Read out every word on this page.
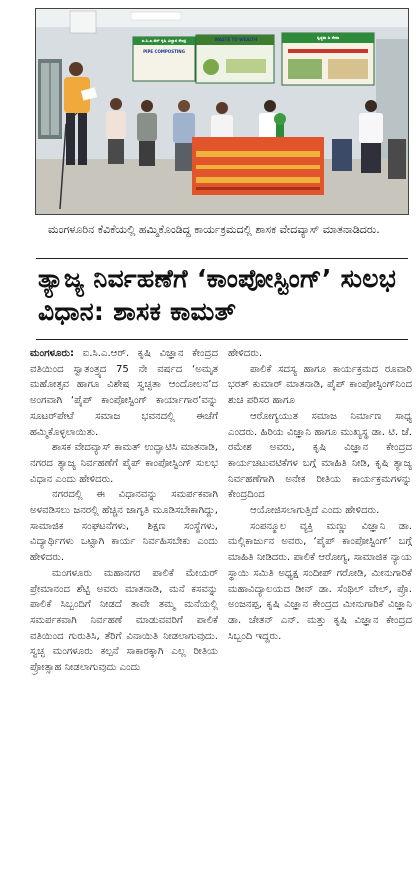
WASTE TO WEALTH
ಐ.ಸಿ.ಎ.ಆರ್ ಕೃಷಿ ವಿಜ್ಞಾನ ಕೇಂದ್ರ
PIPE COMPOSTING
ಸ್ವಚ್ಛತಾ ಹಿ ಸೇವಾ
ಮಂಗಳೂರಿನ ಕೆವಿಕೆಯಲ್ಲಿ ಹಮ್ಮಿಕೊಂಡಿದ್ದ ಕಾರ್ಯಕ್ರಮದಲ್ಲಿ ಶಾಸಕ ವೇದವ್ಯಾಸ್ ಮಾತನಾಡಿದರು.
ತ್ಯಾಜ್ಯ ನಿರ್ವಹಣೆಗೆ ‘ಕಾಂಪೋಸ್ಟಿಂಗ್’ ಸುಲಭ ವಿಧಾನ: ಶಾಸಕ ಕಾಮತ್

ಮಂಗಳೂರು: ಐ.ಸಿ.ಎ.ಆರ್. ಕೃಷಿ ವಿಜ್ಞಾನ ಕೇಂದ್ರದ ವತಿಯಿಂದ ಸ್ವಾತಂತ್ರ್ಯದ 75 ನೇ ವರ್ಷದ ‘ಅಮೃತ ಮಹೋತ್ಸವ ಹಾಗೂ ವಿಶೇಷ ಸ್ವಚ್ಛತಾ ಆಂದೋಲನ’ದ ಅಂಗವಾಗಿ ‘ಪೈಪ್ ಕಾಂಪೋಸ್ಟಿಂಗ್ ಕಾರ್ಯಾಗಾರ’ವನ್ನು ಸೂಟರ್‌ಪೇಟೆ ಸಮಾಜ ಭವನದಲ್ಲಿ ಈಚೆಗೆ ಹಮ್ಮಿಕೊಳ್ಳಲಾಯಿತು.

ಶಾಸಕ ವೇದವ್ಯಾಸ್ ಕಾಮತ್ ಉದ್ಘಾಟಿಸಿ ಮಾತನಾಡಿ, ನಗರದ ತ್ಯಾಜ್ಯ ನಿರ್ವಹಣೆಗೆ ಪೈಪ್ ಕಾಂಪೋಸ್ಟಿಂಗ್ ಸುಲಭ ವಿಧಾನ ಎಂದು ಹೇಳಿದರು.

ನಗರದಲ್ಲಿ ಈ ವಿಧಾನವನ್ನು ಸಮರ್ಪಕವಾಗಿ ಅಳವಡಿಸಲು ಜನರಲ್ಲಿ ಹೆಚ್ಚಿನ ಜಾಗೃತಿ ಮೂಡಿಸಬೇಕಾಗಿದ್ದು, ಸಾಮಾಜಿಕ ಸಂಘಟನೆಗಳು, ಶಿಕ್ಷಣ ಸಂಸ್ಥೆಗಳು, ವಿದ್ಯಾರ್ಥಿಗಳು ಒಟ್ಟಾಗಿ ಕಾರ್ಯ ನಿರ್ವಹಿಸಬೇಕು ಎಂದು ಹೇಳಿದರು.

ಮಂಗಳೂರು ಮಹಾನಗರ ಪಾಲಿಕೆ ಮೇಯರ್ ಪ್ರೇಮಾನಂದ ಶೆಟ್ಟಿ ಅವರು ಮಾತನಾಡಿ, ಮನೆ ಕಸವನ್ನು ಪಾಲಿಕೆ ಸಿಬ್ಬಂದಿಗೆ ನೀಡದೆ ತಾವೇ ತಮ್ಮ ಮನೆಯಲ್ಲಿ ಸಮರ್ಪಕವಾಗಿ ನಿರ್ವಹಣೆ ಮಾಡುವವರಿಗೆ ಪಾಲಿಕೆ ವತಿಯಿಂದ ಗುರುತಿಸಿ, ತೆರಿಗೆ ವಿನಾಯಿತಿ ನೀಡಲಾಗುವುದು. ಸ್ವಚ್ಛ ಮಂಗಳೂರು ಕಲ್ಪನೆ ಸಾಕಾರಕ್ಕಾಗಿ ಎಲ್ಲ ರೀತಿಯ ಪ್ರೋತ್ಸಾಹ ನೀಡಲಾಗುವುದು ಎಂದು

ಹೇಳಿದರು.

ಪಾಲಿಕೆ ಸದಸ್ಯ ಹಾಗೂ ಕಾರ್ಯಕ್ರಮದ ರೂವಾರಿ ಭರತ್ ಕುಮಾರ್ ಮಾತನಾಡಿ, ಪೈಪ್ ಕಾಂಪೋಸ್ಟಿಂಗ್‌ನಿಂದ ಶುಚಿ ಪರಿಸರ ಹಾಗೂ

ಆರೋಗ್ಯಯುತ ಸಮಾಜ ನಿರ್ಮಾಣ ಸಾಧ್ಯ ಎಂದರು. ಹಿರಿಯ ವಿಜ್ಞಾನಿ ಹಾಗೂ ಮುಖ್ಯಸ್ಥ ಡಾ. ಟಿ. ಜೆ. ರಮೇಶ ಅವರು, ಕೃಷಿ ವಿಜ್ಞಾನ ಕೇಂದ್ರದ ಕಾರ್ಯಚಟುವಟಿಕೆಗಳ ಬಗ್ಗೆ ಮಾಹಿತಿ ನೀಡಿ, ಕೃಷಿ ತ್ಯಾಜ್ಯ ನಿರ್ವಹಣೆಗಾಗಿ ಅನೇಕ ರೀತಿಯ ಕಾರ್ಯಕ್ರಮಗಳನ್ನು ಕೇಂದ್ರದಿಂದ

ಆಯೋಜಿಸಲಾಗುತ್ತಿದೆ ಎಂದು ಹೇಳಿದರು.

ಸಂಪನ್ಮೂಲ ವ್ಯಕ್ತಿ ಮಣ್ಣು ವಿಜ್ಞಾನಿ ಡಾ. ಮಲ್ಲಿಕಾರ್ಜುನ ಅವರು, ‘ಪೈಪ್ ಕಾಂಪೋಸ್ಟಿಂಗ್’ ಬಗ್ಗೆ ಮಾಹಿತಿ ನೀಡಿದರು. ಪಾಲಿಕೆ ಆರೋಗ್ಯ, ಸಾಮಾಜಿಕ ನ್ಯಾಯ ಸ್ಥಾಯಿ ಸಮಿತಿ ಅಧ್ಯಕ್ಷ ಸಂದೀಪ್ ಗರೋಡಿ, ಮೀನುಗಾರಿಕೆ ಮಹಾವಿದ್ಯಾಲಯದ ಡೀನ್ ಡಾ. ಸೆಂಥಿಲ್ ವೇಲ್, ಪ್ರೊ. ಅಂಜನಪ್ಪ, ಕೃಷಿ ವಿಜ್ಞಾನ ಕೇಂದ್ರದ ಮೀನುಗಾರಿಕೆ ವಿಜ್ಞಾನಿ ಡಾ. ಚೇತನ್ ಎನ್. ಮತ್ತು ಕೃಷಿ ವಿಜ್ಞಾನ ಕೇಂದ್ರದ ಸಿಬ್ಬಂದಿ ಇದ್ದರು.
